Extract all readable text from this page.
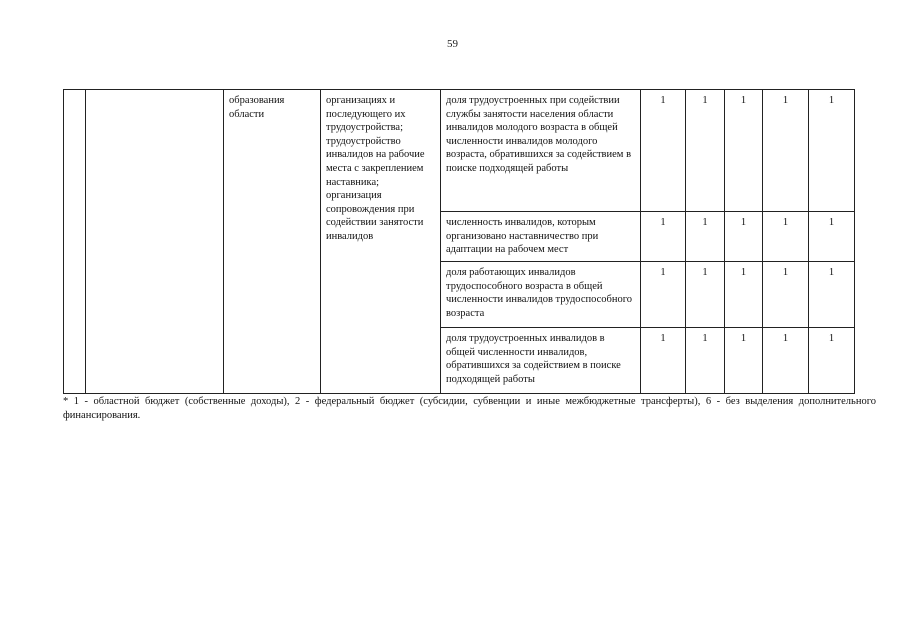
59
		образования области	организациях и последующего их трудоустройства; трудоустройство инвалидов на рабочие места с закреплением наставника; организация сопровождения при содействии занятости инвалидов	доля трудоустроенных при содействии службы занятости населения области инвалидов молодого возраста в общей численности инвалидов молодого возраста, обратившихся за содействием в поиске подходящей работы	1	1	1	1	1
				численность инвалидов, которым организовано наставничество при адаптации на рабочем мест	1	1	1	1	1
				доля работающих инвалидов трудоспособного возраста в общей численности инвалидов трудоспособного возраста	1	1	1	1	1
				доля трудоустроенных инвалидов в общей численности инвалидов, обратившихся за содействием в поиске подходящей работы	1	1	1	1	1
* 1 - областной бюджет (собственные доходы), 2 - федеральный бюджет (субсидии, субвенции и иные межбюджетные трансферты), 6 - без выделения дополнительного финансирования.
